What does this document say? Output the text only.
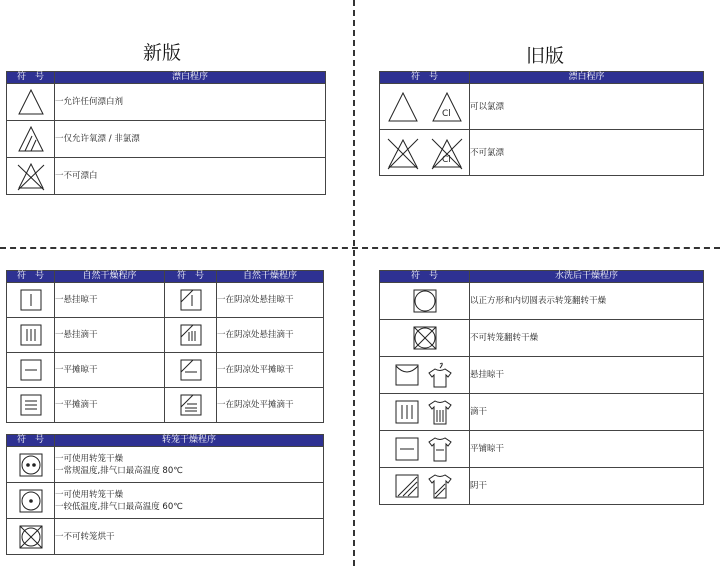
新版	旧版
符　号	漂白程序
	一允许任何漂白剂
	一仅允许氧漂 / 非氯漂
	一不可漂白
符　号	漂白程序

Cl	可以氯漂

Cl	不可氯漂
符　号	自然干燥程序	符　号	自然干燥程序
	一悬挂晾干		一在阴凉处悬挂晾干
	一悬挂滴干		一在阴凉处悬挂滴干
	一平摊晾干		一在阴凉处平摊晾干
	一平摊滴干		一在阴凉处平摊滴干
符　号	转笼干燥程序

一可使用转笼干燥
一常规温度,排气口最高温度 80℃

一可使用转笼干燥
一较低温度,排气口最高温度 60℃

	一不可转笼烘干
符　号	水洗后干燥程序
	以正方形和内切圆表示转笼翻转干燥
	不可转笼翻转干燥
	悬挂晾干
	滴干
	平铺晾干
	阴干
